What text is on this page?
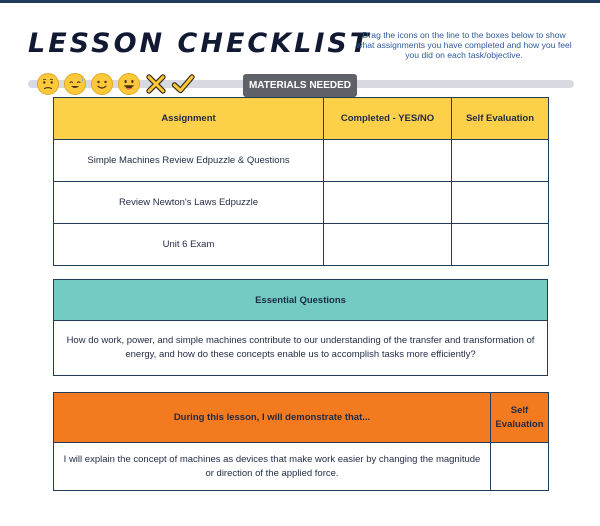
LESSON CHECKLIST

Drag the icons on the line to the boxes below to show what assignments you have completed and how you feel you did on each task/objective.

MATERIALS NEEDED
Assignment	Completed - YES/NO	Self Evaluation
Simple Machines Review Edpuzzle & Questions		
Review Newton's Laws Edpuzzle		
Unit 6 Exam		
Essential Questions
How do work, power, and simple machines contribute to our understanding of the transfer and transformation of energy, and how do these concepts enable us to accomplish tasks more efficiently?
During this lesson, I will demonstrate that...	Self Evaluation
I will explain the concept of machines as devices that make work easier by changing the magnitude or direction of the applied force.	
